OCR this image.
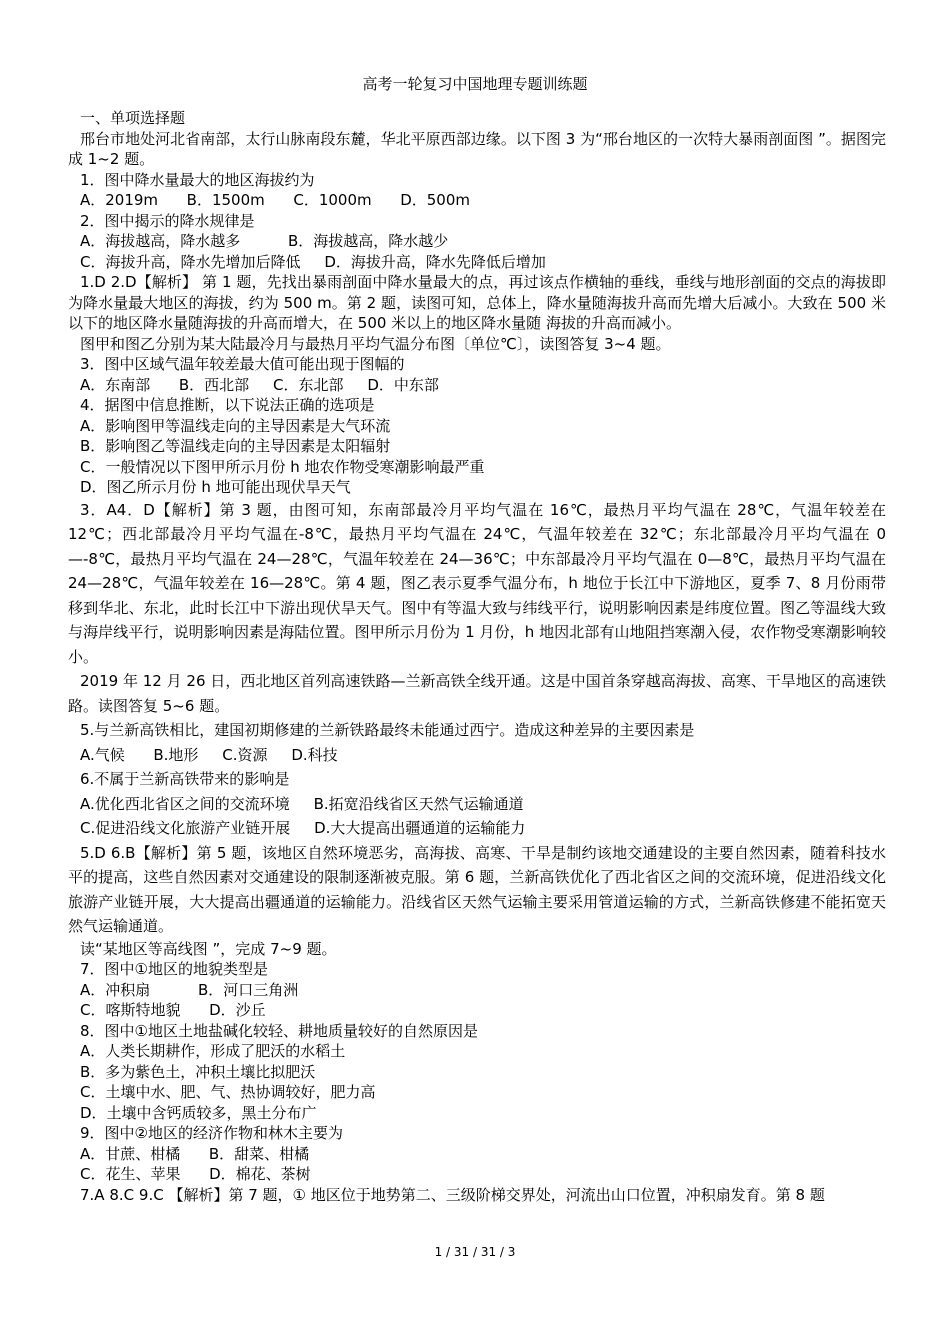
高考一轮复习中国地理专题训练题

一、单项选择题

邢台市地处河北省南部，太行山脉南段东麓，华北平原西部边缘。以下图 3 为“邢台地区的一次特大暴雨剖面图 ”。据图完成 1~2 题。

1．图中降水量最大的地区海拔约为

A．2019m      B．1500m      C．1000m      D．500m

2．图中揭示的降水规律是

A．海拔越高，降水越多          B．海拔越高，降水越少

C．海拔升高，降水先增加后降低     D．海拔升高，降水先降低后增加

1.D 2.D【解析】 第 1 题，先找出暴雨剖面中降水量最大的点，再过该点作横轴的垂线，垂线与地形剖面的交点的海拔即为降水量最大地区的海拔，约为 500 m。第 2 题，读图可知，总体上，降水量随海拔升高而先增大后减小。大致在 500 米以下的地区降水量随海拔的升高而增大，在 500 米以上的地区降水量随 海拔的升高而减小。

图甲和图乙分别为某大陆最冷月与最热月平均气温分布图〔单位℃〕，读图答复 3~4 题。

3．图中区域气温年较差最大值可能出现于图幅的

A．东南部      B．西北部     C．东北部     D．中东部

4．据图中信息推断，以下说法正确的选项是

A．影响图甲等温线走向的主导因素是大气环流

B．影响图乙等温线走向的主导因素是太阳辐射

C．一般情况以下图甲所示月份 h 地农作物受寒潮影响最严重

D．图乙所示月份 h 地可能出现伏旱天气

3．A4．D【解析】第 3 题，由图可知，东南部最冷月平均气温在 16℃，最热月平均气温在 28℃，气温年较差在 12℃；西北部最冷月平均气温在-8℃，最热月平均气温在 24℃，气温年较差在 32℃；东北部最冷月平均气温在 0—-8℃，最热月平均气温在 24—28℃，气温年较差在 24—36℃；中东部最冷月平均气温在 0—8℃，最热月平均气温在 24—28℃，气温年较差在 16—28℃。第 4 题，图乙表示夏季气温分布，h 地位于长江中下游地区，夏季 7、8 月份雨带移到华北、东北，此时长江中下游出现伏旱天气。图中有等温大致与纬线平行，说明影响因素是纬度位置。图乙等温线大致与海岸线平行，说明影响因素是海陆位置。图甲所示月份为 1 月份，h 地因北部有山地阻挡寒潮入侵，农作物受寒潮影响较小。

2019 年 12 月 26 日，西北地区首列高速铁路—兰新高铁全线开通。这是中国首条穿越高海拔、高寒、干旱地区的高速铁路。读图答复 5~6 题。

5.与兰新高铁相比，建国初期修建的兰新铁路最终未能通过西宁。造成这种差异的主要因素是

A.气候      B.地形     C.资源     D.科技

6.不属于兰新高铁带来的影响是

A.优化西北省区之间的交流环境     B.拓宽沿线省区天然气运输通道

C.促进沿线文化旅游产业链开展     D.大大提高出疆通道的运输能力

5.D 6.B【解析】第 5 题，该地区自然环境恶劣，高海拔、高寒、干旱是制约该地交通建设的主要自然因素，随着科技水平的提高，这些自然因素对交通建设的限制逐渐被克服。第 6 题，兰新高铁优化了西北省区之间的交流环境，促进沿线文化旅游产业链开展，大大提高出疆通道的运输能力。沿线省区天然气运输主要采用管道运输的方式，兰新高铁修建不能拓宽天然气运输通道。

读“某地区等高线图 ”，完成 7~9 题。

7．图中①地区的地貌类型是

A．冲积扇          B．河口三角洲

C．喀斯特地貌      D．沙丘

8．图中①地区土地盐碱化较轻、耕地质量较好的自然原因是

A．人类长期耕作，形成了肥沃的水稻土

B．多为紫色土，冲积土壤比拟肥沃

C．土壤中水、肥、气、热协调较好，肥力高

D．土壤中含钙质较多，黑土分布广

9．图中②地区的经济作物和林木主要为

A．甘蔗、柑橘      B．甜菜、柑橘

C．花生、苹果      D．棉花、茶树

7.A 8.C 9.C 【解析】第 7 题，① 地区位于地势第二、三级阶梯交界处，河流出山口位置，冲积扇发育。第 8 题

1 / 31 / 31 / 3
